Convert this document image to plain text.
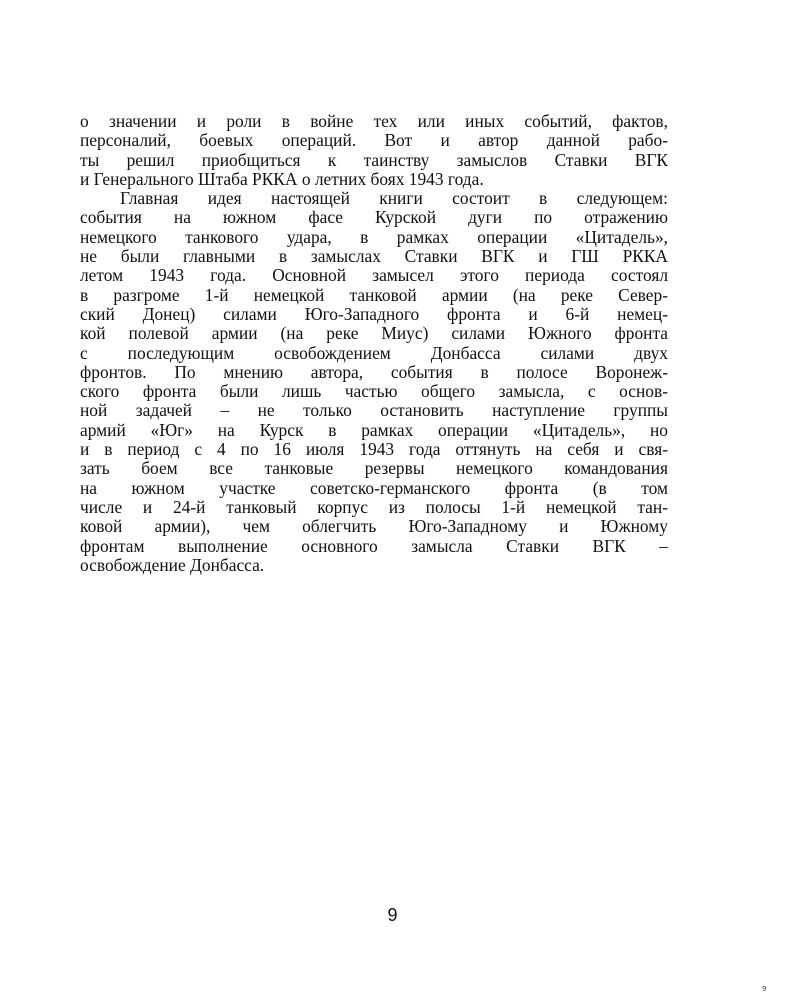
о значении и роли в войне тех или иных событий, фактов,
персоналий, боевых операций. Вот и автор данной рабо-
ты решил приобщиться к таинству замыслов Ставки ВГК
и Генерального Штаба РККА о летних боях 1943 года.
Главная идея настоящей книги состоит в следующем:
события на южном фасе Курской дуги по отражению
немецкого танкового удара, в рамках операции «Цитадель»,
не были главными в замыслах Ставки ВГК и ГШ РККА
летом 1943 года. Основной замысел этого периода состоял
в разгроме 1-й немецкой танковой армии (на реке Север-
ский Донец) силами Юго-Западного фронта и 6-й немец-
кой полевой армии (на реке Миус) силами Южного фронта
с последующим освобождением Донбасса силами двух
фронтов. По мнению автора, события в полосе Воронеж-
ского фронта были лишь частью общего замысла, с основ-
ной задачей – не только остановить наступление группы
армий «Юг» на Курск в рамках операции «Цитадель», но
и в период с 4 по 16 июля 1943 года оттянуть на себя и свя-
зать боем все танковые резервы немецкого командования
на южном участке советско-германского фронта (в том
числе и 24-й танковый корпус из полосы 1-й немецкой тан-
ковой армии), чем облегчить Юго-Западному и Южному
фронтам выполнение основного замысла Ставки ВГК –
освобождение Донбасса.
9
9
